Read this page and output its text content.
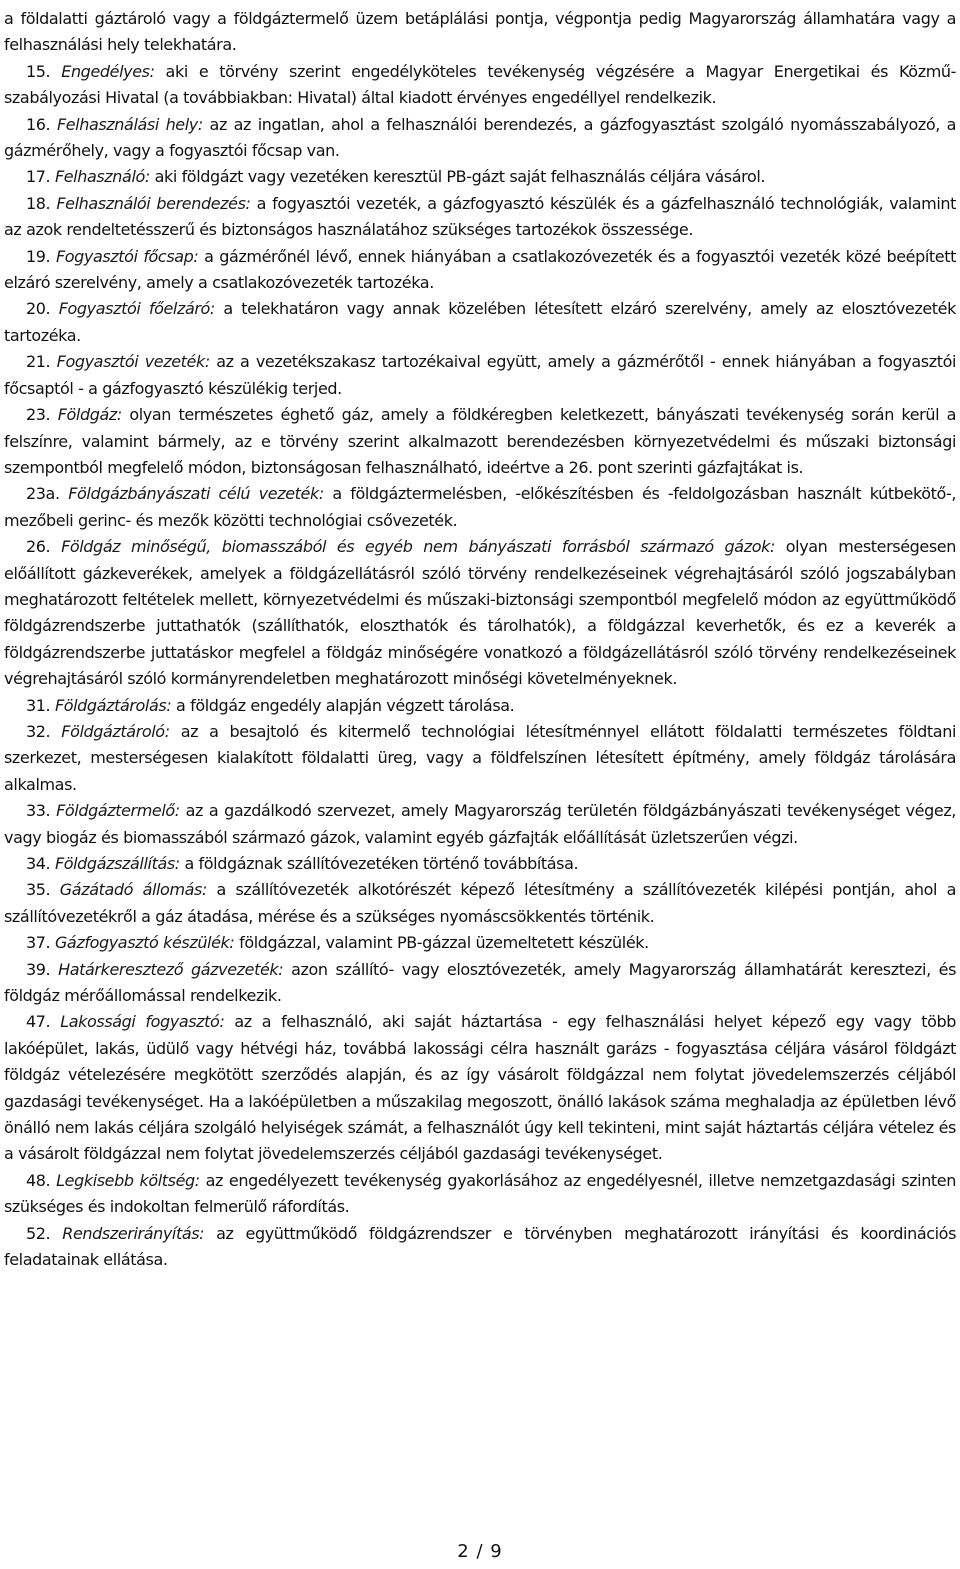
a földalatti gáztároló vagy a földgáztermelő üzem betáplálási pontja, végpontja pedig Magyarország államhatára vagy a felhasználási hely telekhatára.

15. Engedélyes: aki e törvény szerint engedélyköteles tevékenység végzésére a Magyar Energetikai és Közmű-szabályozási Hivatal (a továbbiakban: Hivatal) által kiadott érvényes engedéllyel rendelkezik.

16. Felhasználási hely: az az ingatlan, ahol a felhasználói berendezés, a gázfogyasztást szolgáló nyomásszabályozó, a gázmérőhely, vagy a fogyasztói főcsap van.

17. Felhasználó: aki földgázt vagy vezetéken keresztül PB-gázt saját felhasználás céljára vásárol.

18. Felhasználói berendezés: a fogyasztói vezeték, a gázfogyasztó készülék és a gázfelhasználó technológiák, valamint az azok rendeltetésszerű és biztonságos használatához szükséges tartozékok összessége.

19. Fogyasztói főcsap: a gázmérőnél lévő, ennek hiányában a csatlakozóvezeték és a fogyasztói vezeték közé beépített elzáró szerelvény, amely a csatlakozóvezeték tartozéka.

20. Fogyasztói főelzáró: a telekhatáron vagy annak közelében létesített elzáró szerelvény, amely az elosztóvezeték tartozéka.

21. Fogyasztói vezeték: az a vezetékszakasz tartozékaival együtt, amely a gázmérőtől - ennek hiányában a fogyasztói főcsaptól - a gázfogyasztó készülékig terjed.

23. Földgáz: olyan természetes éghető gáz, amely a földkéregben keletkezett, bányászati tevékenység során kerül a felszínre, valamint bármely, az e törvény szerint alkalmazott berendezésben környezetvédelmi és műszaki biztonsági szempontból megfelelő módon, biztonságosan felhasználható, ideértve a 26. pont szerinti gázfajtákat is.

23a. Földgázbányászati célú vezeték: a földgáztermelésben, -előkészítésben és -feldolgozásban használt kútbekötő-, mezőbeli gerinc- és mezők közötti technológiai csővezeték.

26. Földgáz minőségű, biomasszából és egyéb nem bányászati forrásból származó gázok: olyan mesterségesen előállított gázkeverékek, amelyek a földgázellátásról szóló törvény rendelkezéseinek végrehajtásáról szóló jogszabályban meghatározott feltételek mellett, környezetvédelmi és műszaki-biztonsági szempontból megfelelő módon az együttműködő földgázrendszerbe juttathatók (szállíthatók, eloszthatók és tárolhatók), a földgázzal keverhetők, és ez a keverék a földgázrendszerbe juttatáskor megfelel a földgáz minőségére vonatkozó a földgázellátásról szóló törvény rendelkezéseinek végrehajtásáról szóló kormányrendeletben meghatározott minőségi követelményeknek.

31. Földgáztárolás: a földgáz engedély alapján végzett tárolása.

32. Földgáztároló: az a besajtoló és kitermelő technológiai létesítménnyel ellátott földalatti természetes földtani szerkezet, mesterségesen kialakított földalatti üreg, vagy a földfelszínen létesített építmény, amely földgáz tárolására alkalmas.

33. Földgáztermelő: az a gazdálkodó szervezet, amely Magyarország területén földgázbányászati tevékenységet végez, vagy biogáz és biomasszából származó gázok, valamint egyéb gázfajták előállítását üzletszerűen végzi.

34. Földgázszállítás: a földgáznak szállítóvezetéken történő továbbítása.

35. Gázátadó állomás: a szállítóvezeték alkotórészét képező létesítmény a szállítóvezeték kilépési pontján, ahol a szállítóvezetékről a gáz átadása, mérése és a szükséges nyomáscsökkentés történik.

37. Gázfogyasztó készülék: földgázzal, valamint PB-gázzal üzemeltetett készülék.

39. Határkeresztező gázvezeték: azon szállító- vagy elosztóvezeték, amely Magyarország államhatárát keresztezi, és földgáz mérőállomással rendelkezik.

47. Lakossági fogyasztó: az a felhasználó, aki saját háztartása - egy felhasználási helyet képező egy vagy több lakóépület, lakás, üdülő vagy hétvégi ház, továbbá lakossági célra használt garázs - fogyasztása céljára vásárol földgázt földgáz vételezésére megkötött szerződés alapján, és az így vásárolt földgázzal nem folytat jövedelemszerzés céljából gazdasági tevékenységet. Ha a lakóépületben a műszakilag megoszott, önálló lakások száma meghaladja az épületben lévő önálló nem lakás céljára szolgáló helyiségek számát, a felhasználót úgy kell tekinteni, mint saját háztartás céljára vételez és a vásárolt földgázzal nem folytat jövedelemszerzés céljából gazdasági tevékenységet.

48. Legkisebb költség: az engedélyezett tevékenység gyakorlásához az engedélyesnél, illetve nemzetgazdasági szinten szükséges és indokoltan felmerülő ráfordítás.

52. Rendszerirányítás: az együttműködő földgázrendszer e törvényben meghatározott irányítási és koordinációs feladatainak ellátása.

2 / 9
